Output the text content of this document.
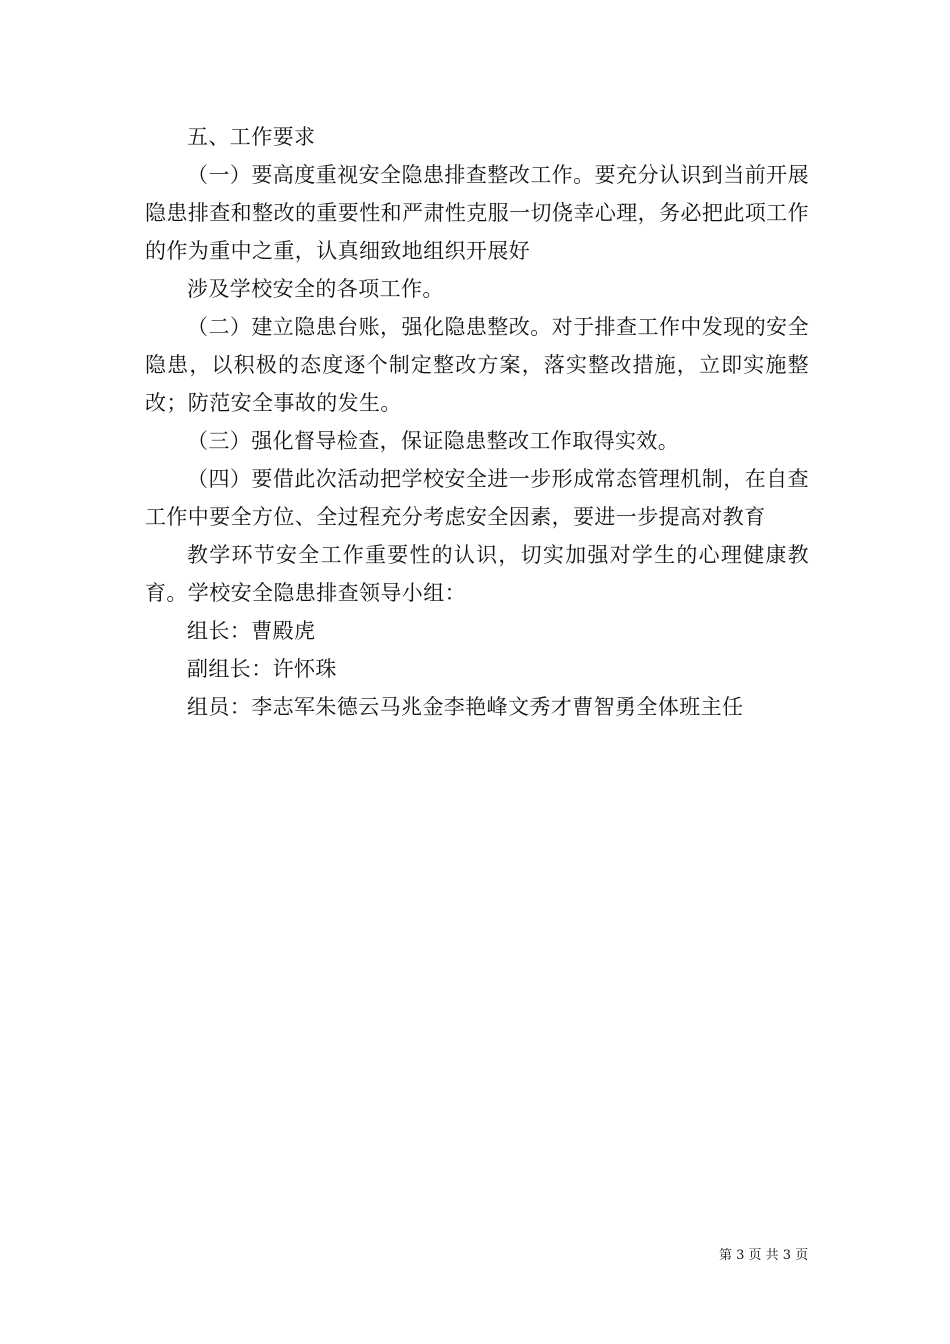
五、工作要求

（一）要高度重视安全隐患排查整改工作。要充分认识到当前开展隐患排查和整改的重要性和严肃性克服一切侥幸心理，务必把此项工作的作为重中之重，认真细致地组织开展好

涉及学校安全的各项工作。

（二）建立隐患台账，强化隐患整改。对于排查工作中发现的安全隐患，以积极的态度逐个制定整改方案，落实整改措施，立即实施整改；防范安全事故的发生。

（三）强化督导检查，保证隐患整改工作取得实效。

（四）要借此次活动把学校安全进一步形成常态管理机制，在自查工作中要全方位、全过程充分考虑安全因素，要进一步提高对教育

教学环节安全工作重要性的认识，切实加强对学生的心理健康教育。学校安全隐患排查领导小组：

组长：曹殿虎

副组长：许怀珠

组员：李志军朱德云马兆金李艳峰文秀才曹智勇全体班主任

第 3 页 共 3 页
